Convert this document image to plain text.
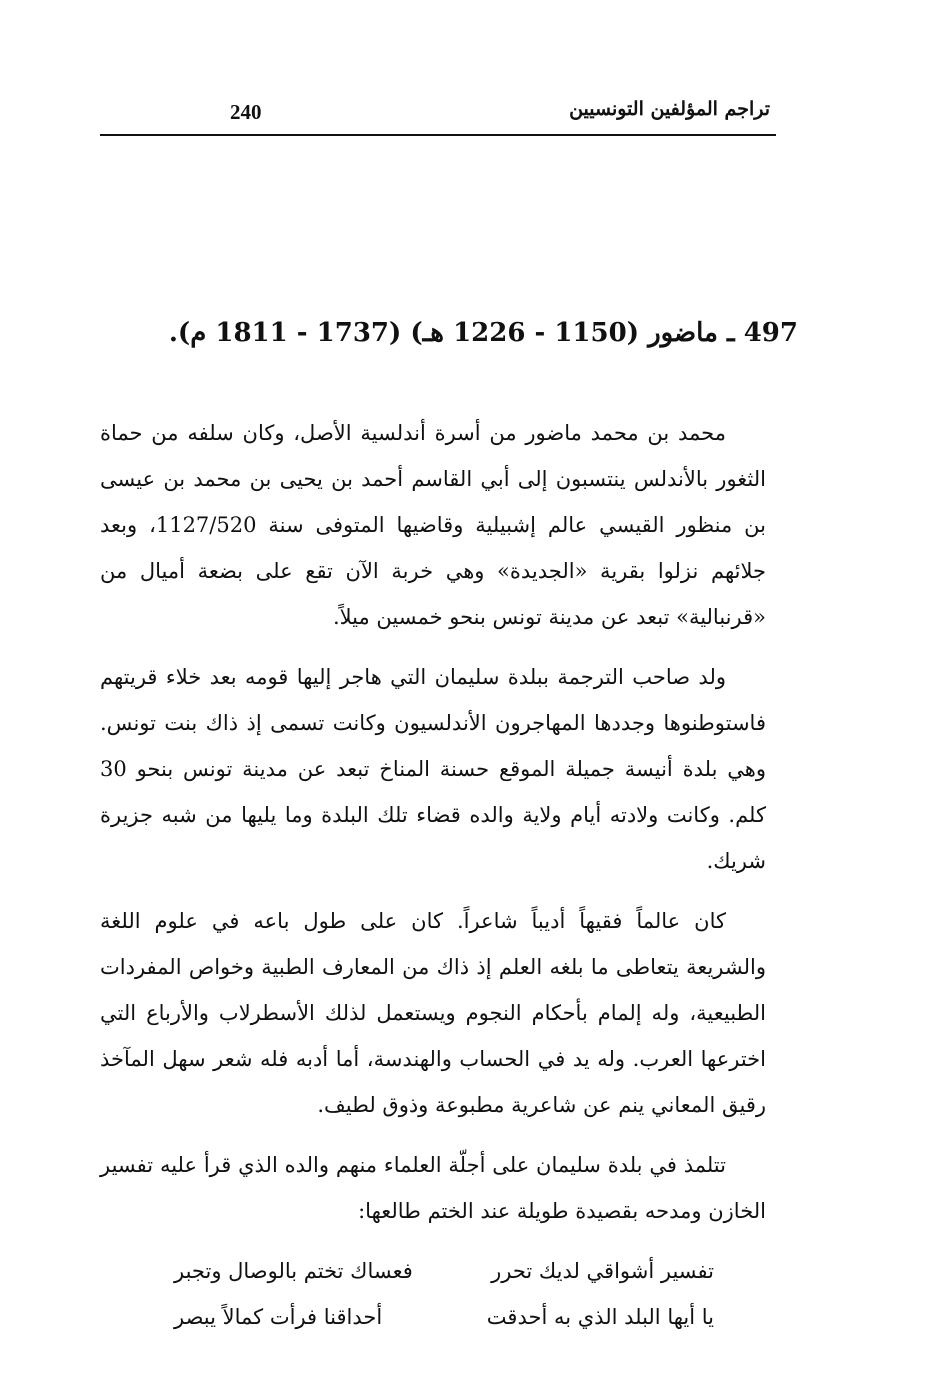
240	تراجم المؤلفين التونسيين
497 ـ ماضور (1150 - 1226 هـ) (1737 - 1811 م).

محمد بن محمد ماضور من أسرة أندلسية الأصل، وكان سلفه من حماة الثغور بالأندلس ينتسبون إلى أبي القاسم أحمد بن يحيى بن محمد بن عيسى بن منظور القيسي عالم إشبيلية وقاضيها المتوفى سنة 1127/520، وبعد جلائهم نزلوا بقرية «الجديدة» وهي خربة الآن تقع على بضعة أميال من «قرنبالية» تبعد عن مدينة تونس بنحو خمسين ميلاً.

ولد صاحب الترجمة ببلدة سليمان التي هاجر إليها قومه بعد خلاء قريتهم فاستوطنوها وجددها المهاجرون الأندلسيون وكانت تسمى إذ ذاك بنت تونس. وهي بلدة أنيسة جميلة الموقع حسنة المناخ تبعد عن مدينة تونس بنحو 30 كلم. وكانت ولادته أيام ولاية والده قضاء تلك البلدة وما يليها من شبه جزيرة شريك.

كان عالماً فقيهاً أديباً شاعراً. كان على طول باعه في علوم اللغة والشريعة يتعاطى ما بلغه العلم إذ ذاك من المعارف الطبية وخواص المفردات الطبيعية، وله إلمام بأحكام النجوم ويستعمل لذلك الأسطرلاب والأرباع التي اخترعها العرب. وله يد في الحساب والهندسة، أما أدبه فله شعر سهل المآخذ رقيق المعاني ينم عن شاعرية مطبوعة وذوق لطيف.

تتلمذ في بلدة سليمان على أجلّة العلماء منهم والده الذي قرأ عليه تفسير الخازن ومدحه بقصيدة طويلة عند الختم طالعها:

تفسير أشواقي لديك تحرر
فعساك تختم بالوصال وتجبر
يا أيها البلد الذي به أحدقت
أحداقنا فرأت كمالاً يبصر
